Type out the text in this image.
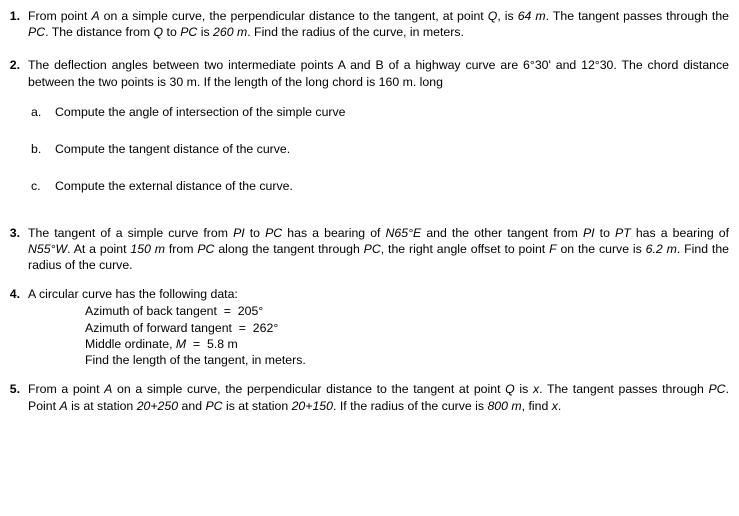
1. From point A on a simple curve, the perpendicular distance to the tangent, at point Q, is 64 m. The tangent passes through the PC. The distance from Q to PC is 260 m. Find the radius of the curve, in meters.
2. The deflection angles between two intermediate points A and B of a highway curve are 6°30' and 12°30. The chord distance between the two points is 30 m. If the length of the long chord is 160 m. long
a.	Compute the angle of intersection of the simple curve
b.	Compute the tangent distance of the curve.
c.	Compute the external distance of the curve.
3. The tangent of a simple curve from PI to PC has a bearing of N65°E and the other tangent from PI to PT has a bearing of N55°W. At a point 150 m from PC along the tangent through PC, the right angle offset to point F on the curve is 6.2 m. Find the radius of the curve.
4. A circular curve has the following data:
Azimuth of back tangent  =  205°
Azimuth of forward tangent  =  262°
Middle ordinate, M  =  5.8 m
Find the length of the tangent, in meters.
5. From a point A on a simple curve, the perpendicular distance to the tangent at point Q is x. The tangent passes through PC. Point A is at station 20+250 and PC is at station 20+150. If the radius of the curve is 800 m, find x.
